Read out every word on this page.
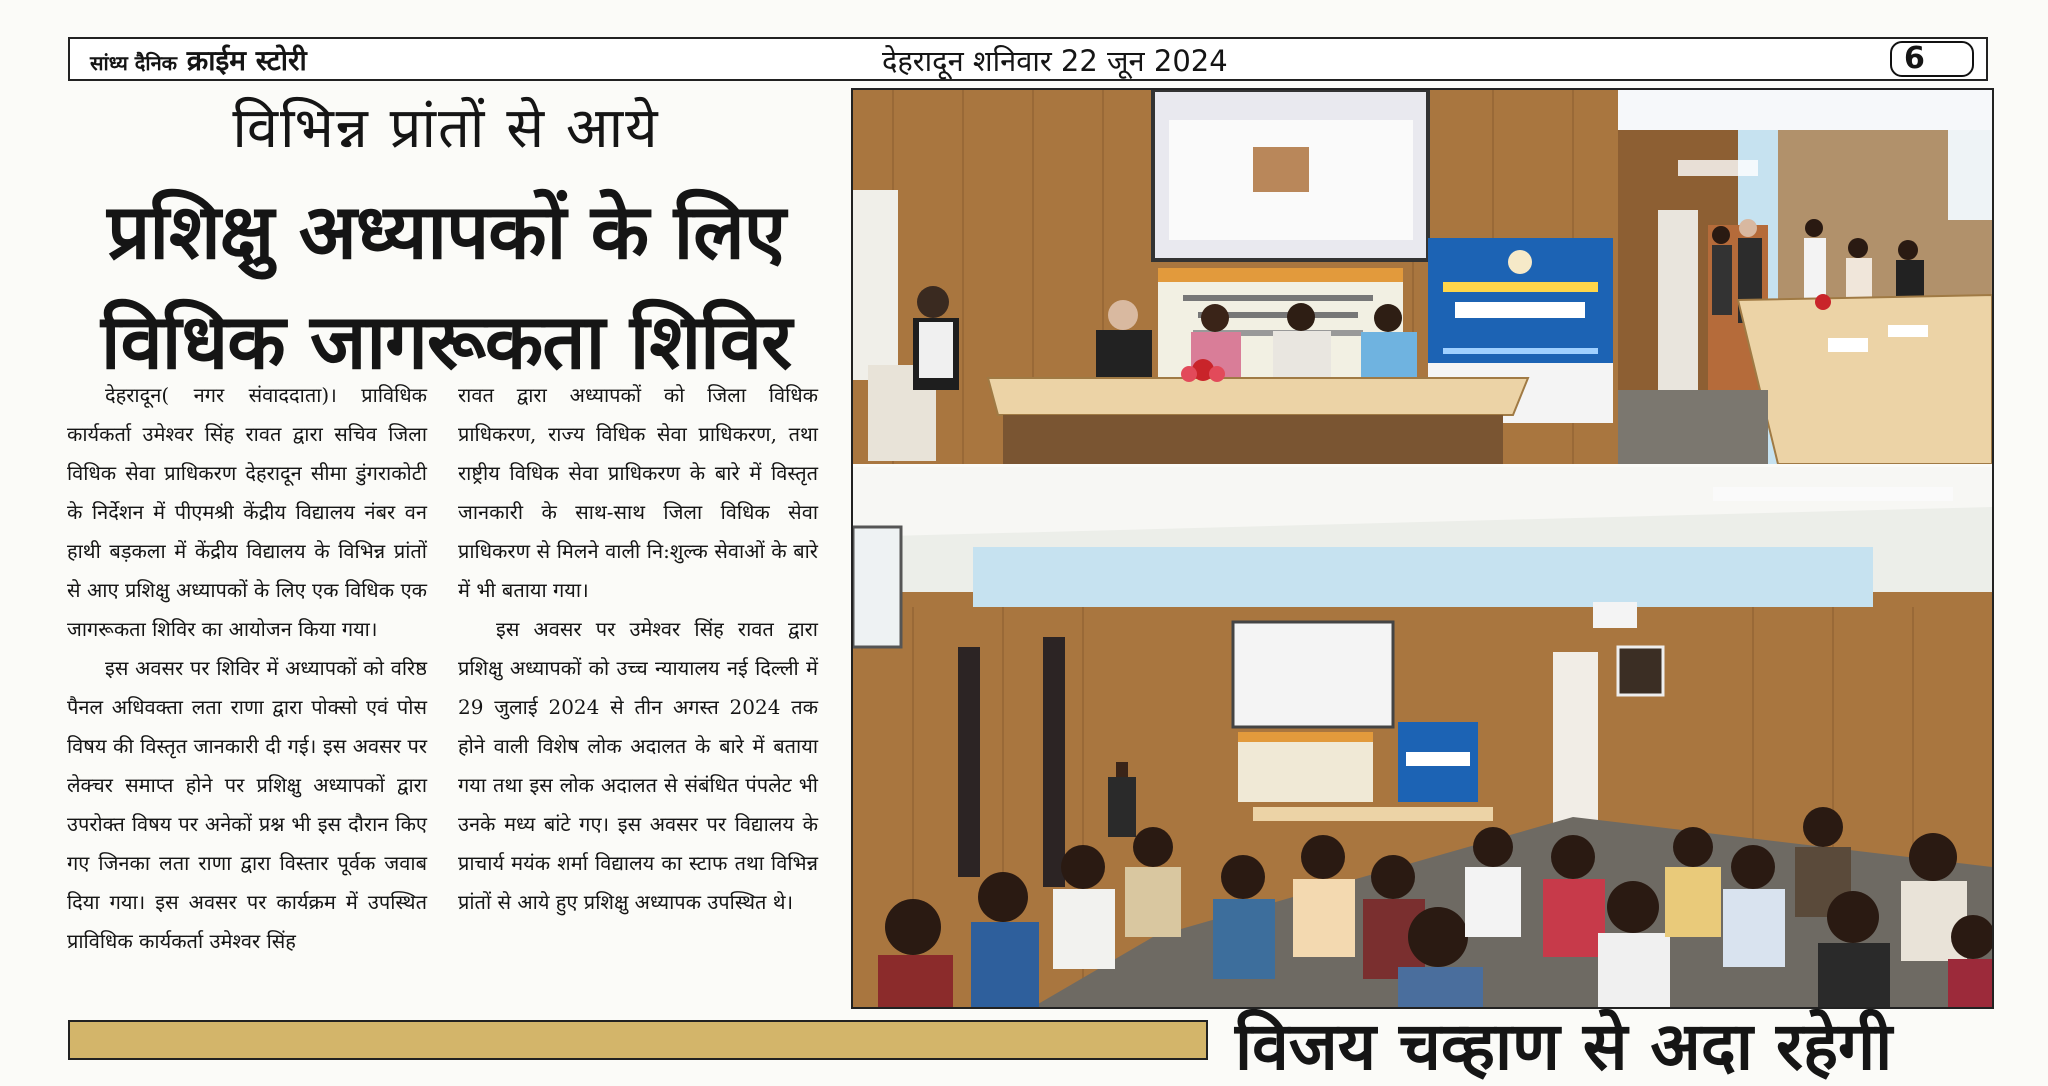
सांध्य दैनिक क्राईम स्टोरी	देहरादून शनिवार 22 जून 2024	6
विभिन्न प्रांतों से आये
प्रशिक्षु अध्यापकों के लिए
विधिक जागरूकता शिविर

देहरादून( नगर संवाददाता)। प्राविधिक कार्यकर्ता उमेश्वर सिंह रावत द्वारा सचिव जिला विधिक सेवा प्राधिकरण देहरादून सीमा डुंगराकोटी के निर्देशन में पीएमश्री केंद्रीय विद्यालय नंबर वन हाथी बड़कला में केंद्रीय विद्यालय के विभिन्न प्रांतों से आए प्रशिक्षु अध्यापकों के लिए एक विधिक एक जागरूकता शिविर का आयोजन किया गया।

इस अवसर पर शिविर में अध्यापकों को वरिष्ठ पैनल अधिवक्ता लता राणा द्वारा पोक्सो एवं पोस विषय की विस्तृत जानकारी दी गई। इस अवसर पर लेक्चर समाप्त होने पर प्रशिक्षु अध्यापकों द्वारा उपरोक्त विषय पर अनेकों प्रश्न भी इस दौरान किए गए जिनका लता राणा द्वारा विस्तार पूर्वक जवाब दिया गया। इस अवसर पर कार्यक्रम में उपस्थित प्राविधिक कार्यकर्ता उमेश्वर सिंह

रावत द्वारा अध्यापकों को जिला विधिक प्राधिकरण, राज्य विधिक सेवा प्राधिकरण, तथा राष्ट्रीय विधिक सेवा प्राधिकरण के बारे में विस्तृत जानकारी के साथ-साथ जिला विधिक सेवा प्राधिकरण से मिलने वाली नि:शुल्क सेवाओं के बारे में भी बताया गया।

इस अवसर पर उमेश्वर सिंह रावत द्वारा प्रशिक्षु अध्यापकों को उच्च न्यायालय नई दिल्ली में 29 जुलाई 2024 से तीन अगस्त 2024 तक होने वाली विशेष लोक अदालत के बारे में बताया गया तथा इस लोक अदालत से संबंधित पंपलेट भी उनके मध्य बांटे गए। इस अवसर पर विद्यालय के प्राचार्य मयंक शर्मा विद्यालय का स्टाफ तथा विभिन्न प्रांतों से आये हुए प्रशिक्षु अध्यापक उपस्थित थे।

विजय चव्हाण से अदा रहेगी
